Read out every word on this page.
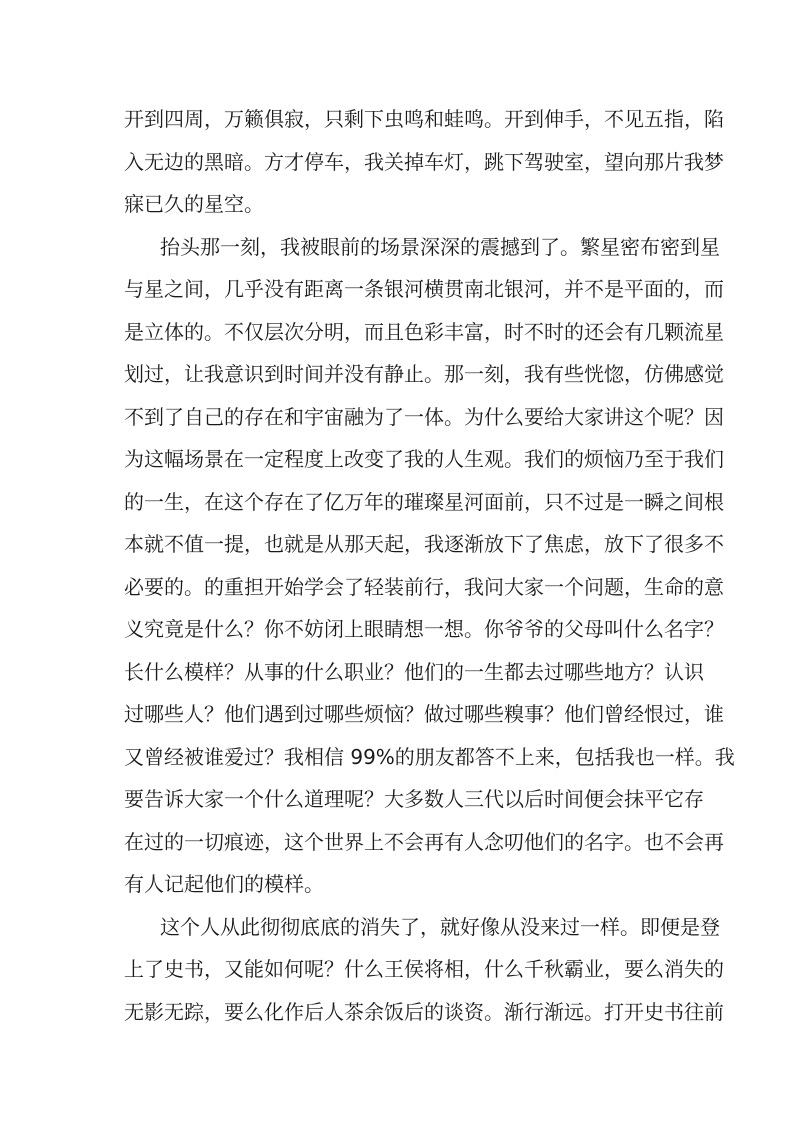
开到四周，万籁俱寂，只剩下虫鸣和蛙鸣。开到伸手，不见五指，陷
入无边的黑暗。方才停车，我关掉车灯，跳下驾驶室，望向那片我梦
寐已久的星空。
抬头那一刻，我被眼前的场景深深的震撼到了。繁星密布密到星
与星之间，几乎没有距离一条银河横贯南北银河，并不是平面的，而
是立体的。不仅层次分明，而且色彩丰富，时不时的还会有几颗流星
划过，让我意识到时间并没有静止。那一刻，我有些恍惚，仿佛感觉
不到了自己的存在和宇宙融为了一体。为什么要给大家讲这个呢？因
为这幅场景在一定程度上改变了我的人生观。我们的烦恼乃至于我们
的一生，在这个存在了亿万年的璀璨星河面前，只不过是一瞬之间根
本就不值一提，也就是从那天起，我逐渐放下了焦虑，放下了很多不
必要的。的重担开始学会了轻装前行，我问大家一个问题，生命的意
义究竟是什么？你不妨闭上眼睛想一想。你爷爷的父母叫什么名字？
长什么模样？从事的什么职业？他们的一生都去过哪些地方？认识
过哪些人？他们遇到过哪些烦恼？做过哪些糗事？他们曾经恨过，谁
又曾经被谁爱过？我相信 99%的朋友都答不上来，包括我也一样。我
要告诉大家一个什么道理呢？大多数人三代以后时间便会抹平它存
在过的一切痕迹，这个世界上不会再有人念叨他们的名字。也不会再
有人记起他们的模样。
这个人从此彻彻底底的消失了，就好像从没来过一样。即便是登
上了史书，又能如何呢？什么王侯将相，什么千秋霸业，要么消失的
无影无踪，要么化作后人茶余饭后的谈资。渐行渐远。打开史书往前
